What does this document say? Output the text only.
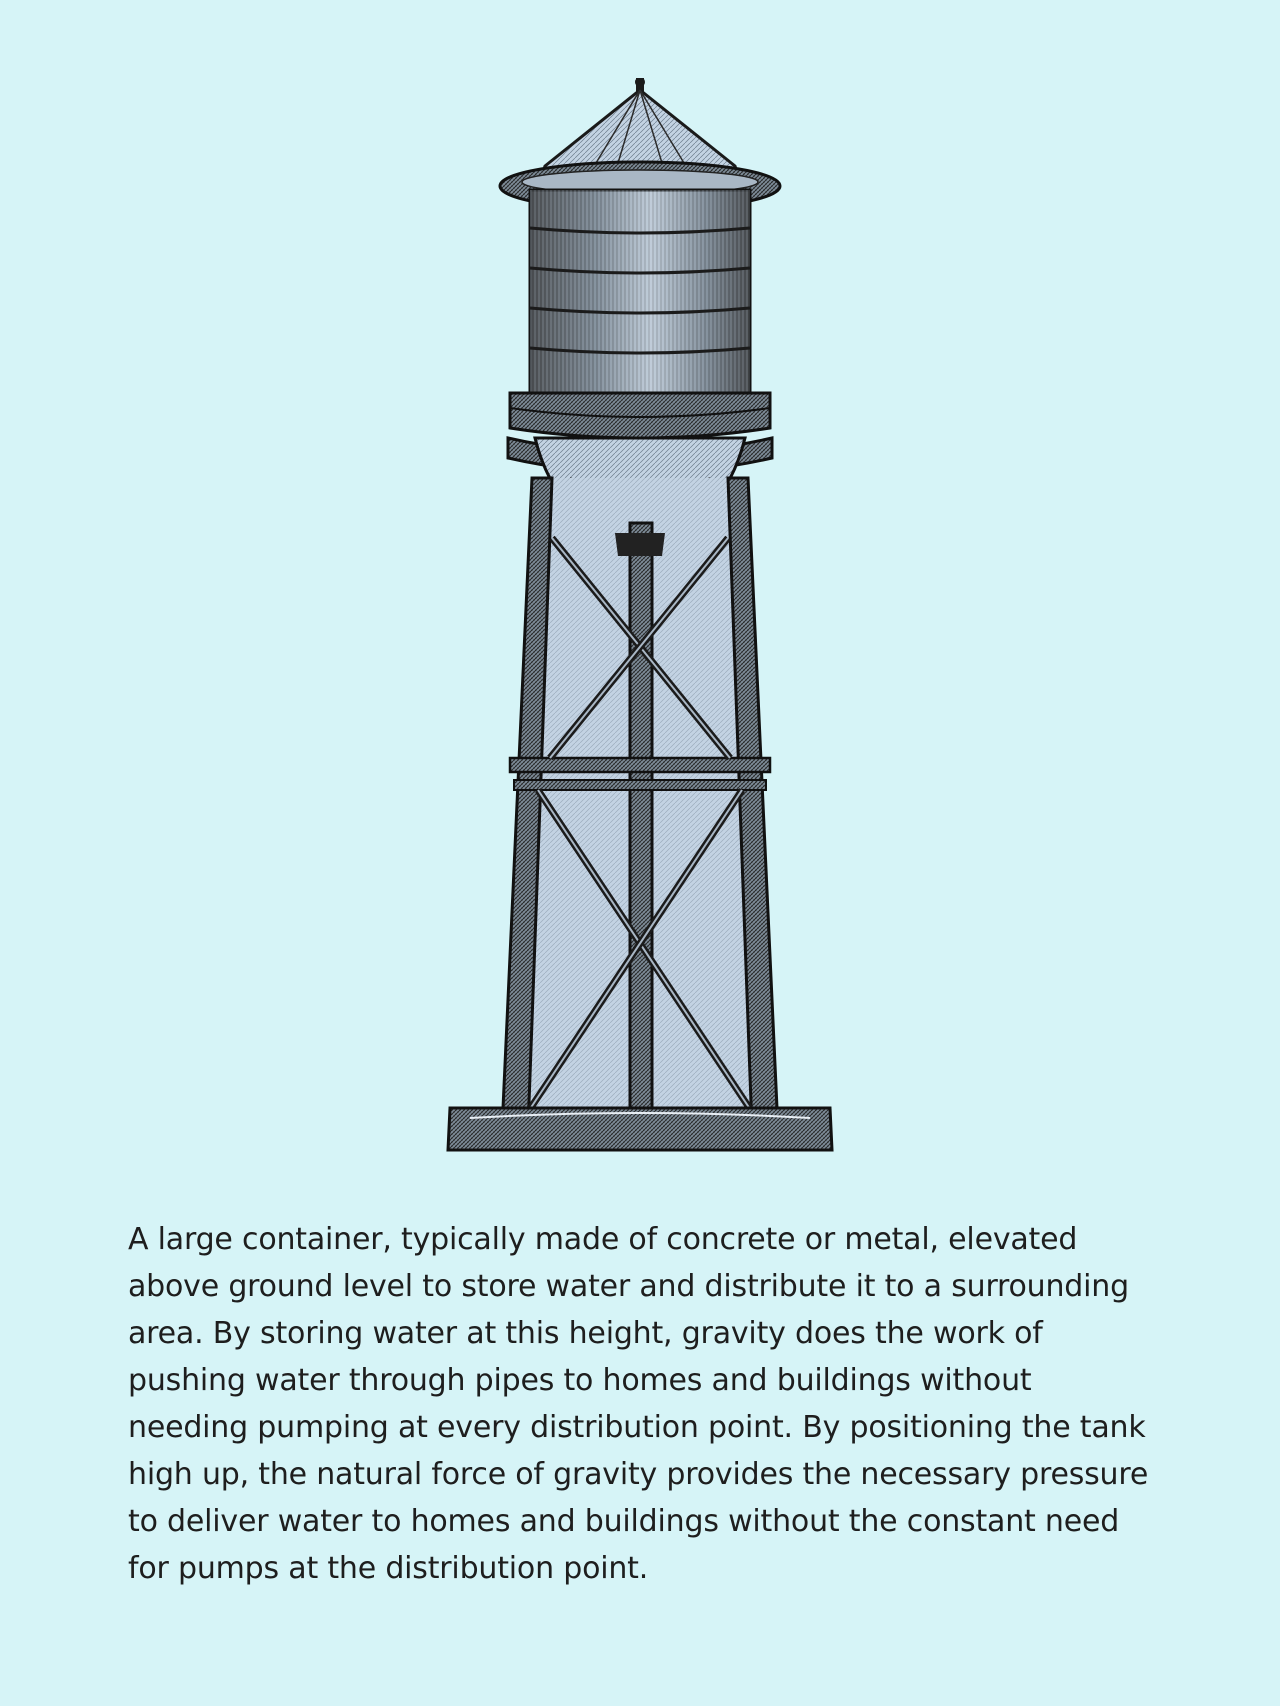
A large container, typically made of concrete or metal, elevated above ground level to store water and distribute it to a surrounding area. By storing water at this height, gravity does the work of pushing water through pipes to homes and buildings without needing pumping at every distribution point. By positioning the tank high up, the natural force of gravity provides the necessary pressure to deliver water to homes and buildings without the constant need for pumps at the distribution point.
